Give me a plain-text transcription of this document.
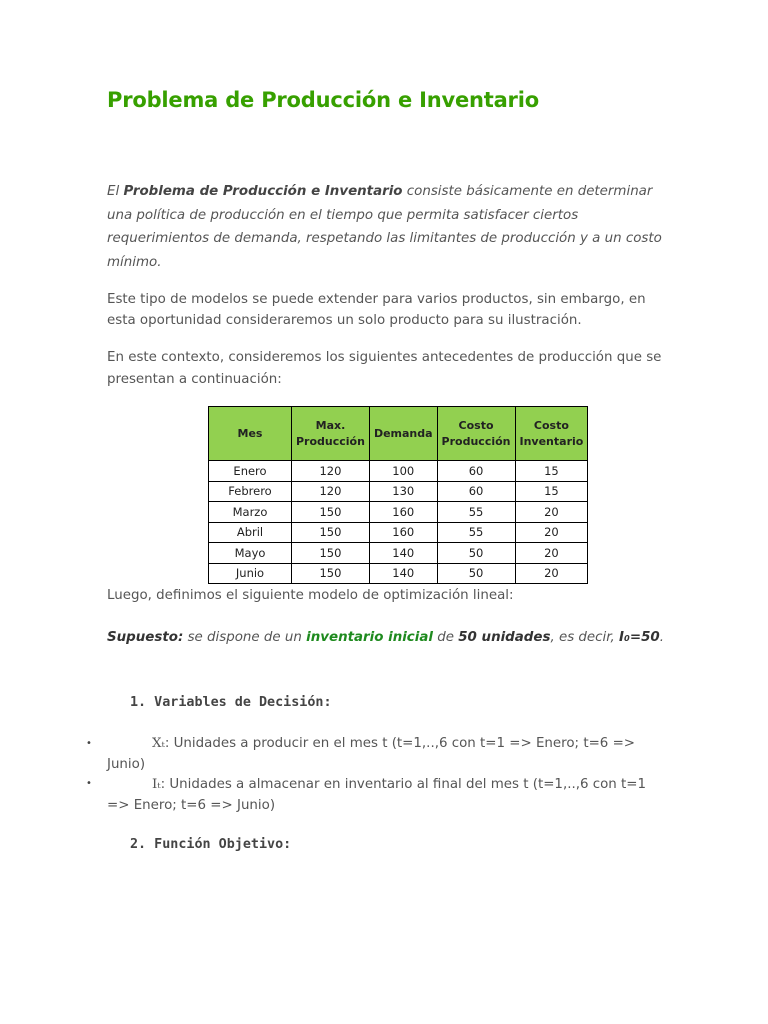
Problema de Producción e Inventario

El Problema de Producción e Inventario consiste básicamente en determinar una política de producción en el tiempo que permita satisfacer ciertos requerimientos de demanda, respetando las limitantes de producción y a un costo mínimo.

Este tipo de modelos se puede extender para varios productos, sin embargo, en esta oportunidad consideraremos un solo producto para su ilustración.

En este contexto, consideremos los siguientes antecedentes de producción que se presentan a continuación:

Mes	Max. Producción	Demanda	Costo Producción	Costo Inventario
Enero	120	100	60	15
Febrero	120	130	60	15
Marzo	150	160	55	20
Abril	150	160	55	20
Mayo	150	140	50	20
Junio	150	140	50	20

Luego, definimos el siguiente modelo de optimización lineal:

Supuesto: se dispone de un inventario inicial de 50 unidades, es decir, I₀=50.

1. Variables de Decisión:
•	Xₜ: Unidades a producir en el mes t (t=1,..,6 con t=1 => Enero; t=6 => Junio)

•	Iₜ: Unidades a almacenar en inventario al final del mes t (t=1,..,6 con t=1 => Enero; t=6 => Junio)

2. Función Objetivo:
